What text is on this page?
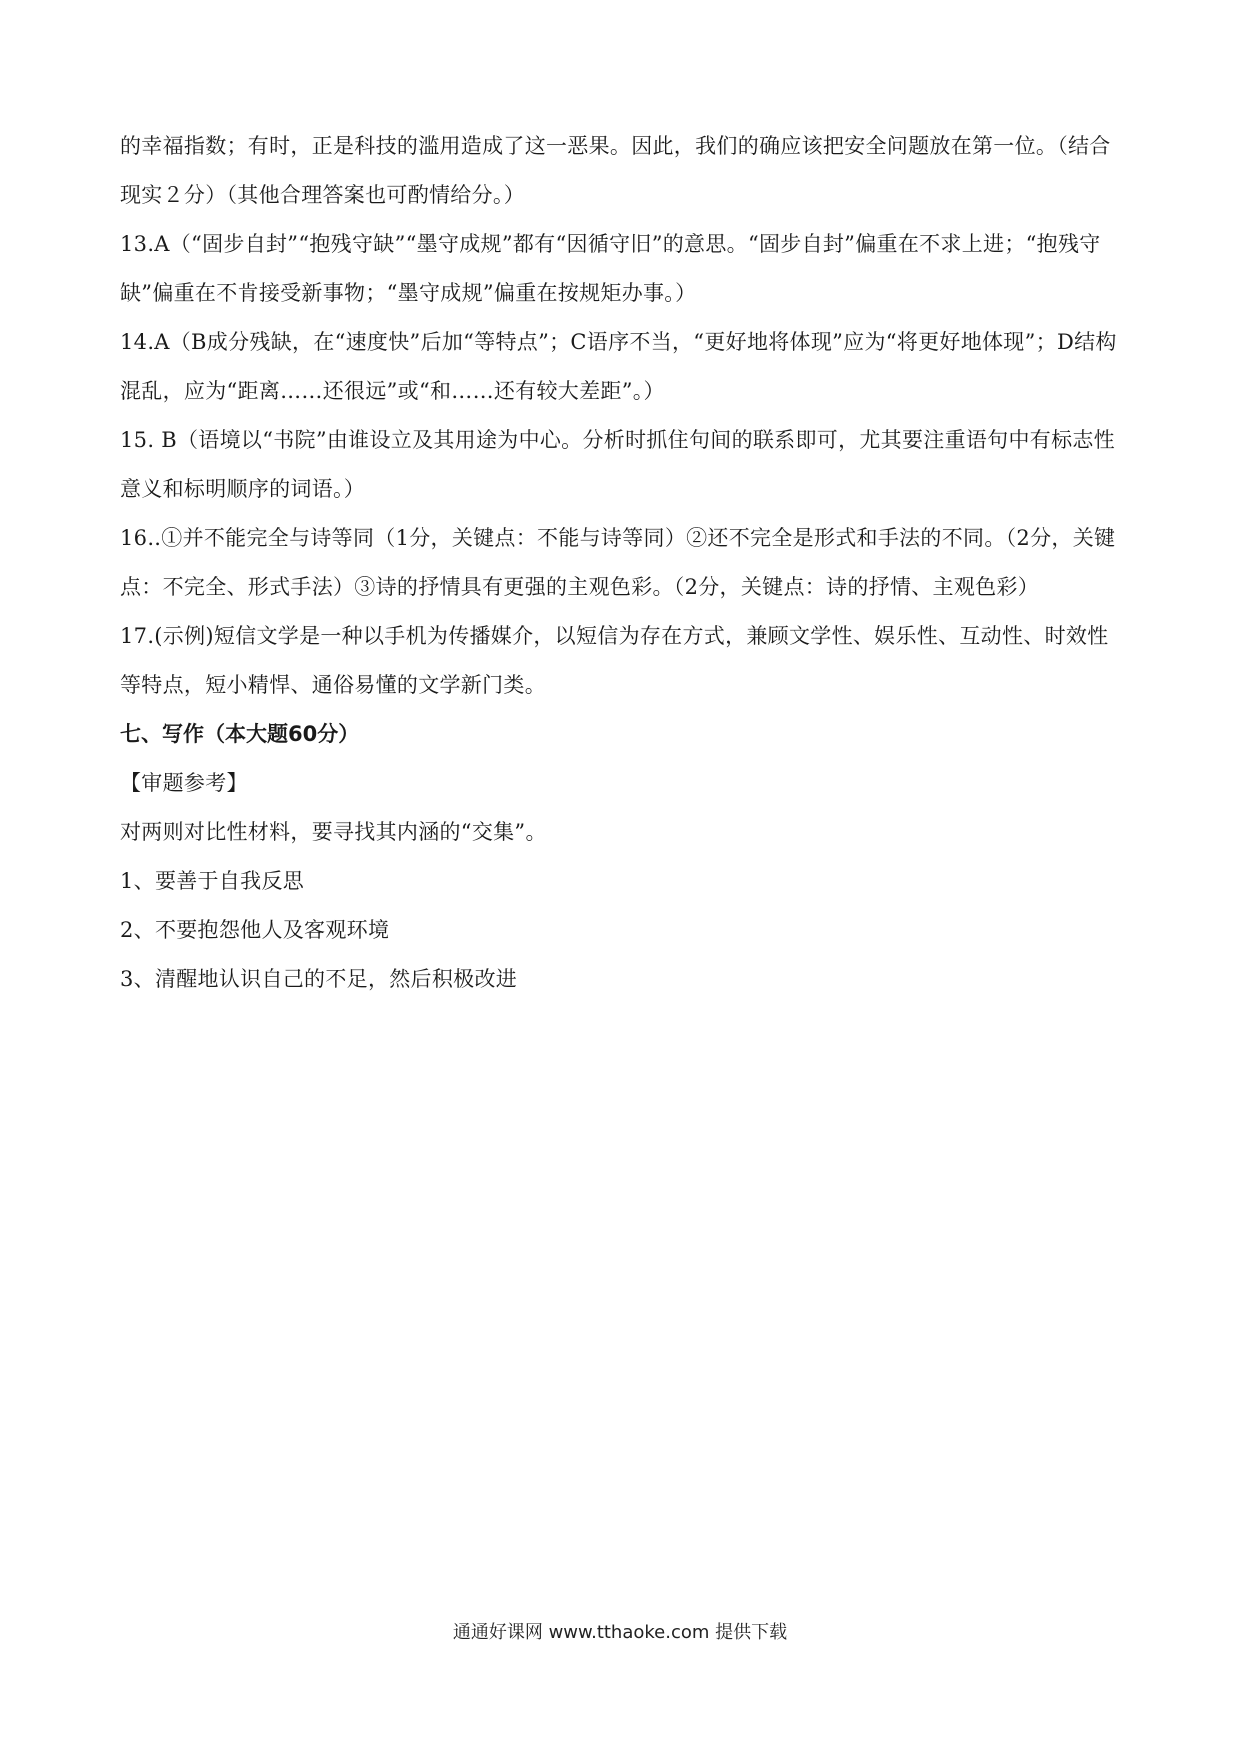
的幸福指数；有时，正是科技的滥用造成了这一恶果。因此，我们的确应该把安全问题放在第一位。（结合现实２分）（其他合理答案也可酌情给分。）

13.A（“固步自封”“抱残守缺”“墨守成规”都有“因循守旧”的意思。“固步自封”偏重在不求上进；“抱残守缺”偏重在不肯接受新事物；“墨守成规”偏重在按规矩办事。）

14.A（B成分残缺，在“速度快”后加“等特点”；C语序不当，“更好地将体现”应为“将更好地体现”；D结构混乱，应为“距离……还很远”或“和……还有较大差距”。）

15. B（语境以“书院”由谁设立及其用途为中心。分析时抓住句间的联系即可，尤其要注重语句中有标志性意义和标明顺序的词语。）

16..①并不能完全与诗等同（1分，关键点：不能与诗等同）②还不完全是形式和手法的不同。（2分，关键点：不完全、形式手法）③诗的抒情具有更强的主观色彩。（2分，关键点：诗的抒情、主观色彩）

17.(示例)短信文学是一种以手机为传播媒介，以短信为存在方式，兼顾文学性、娱乐性、互动性、时效性等特点，短小精悍、通俗易懂的文学新门类。

七、写作（本大题60分）

【审题参考】

对两则对比性材料，要寻找其内涵的“交集”。

1、要善于自我反思

2、不要抱怨他人及客观环境

3、清醒地认识自己的不足，然后积极改进

通通好课网 www.tthaoke.com 提供下载
